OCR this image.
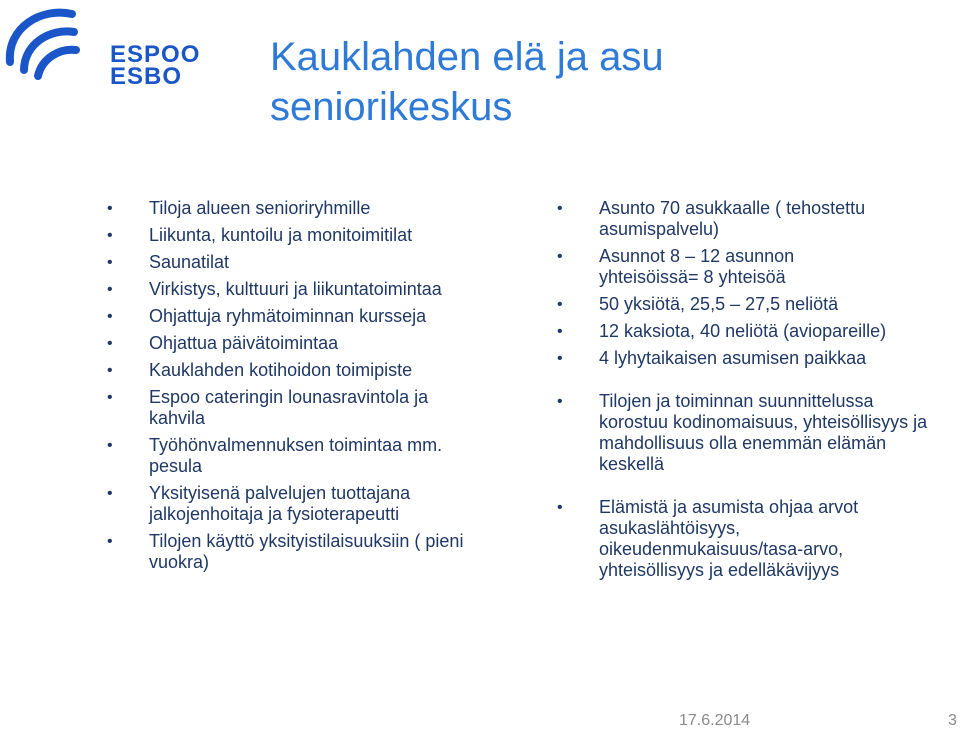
ESPOO
ESBO	Kauklahden elä ja asu
seniorikeskus
• Tiloja alueen senioriryhmille
• Liikunta, kuntoilu ja monitoimitilat
• Saunatilat
• Virkistys, kulttuuri ja liikuntatoimintaa
• Ohjattuja ryhmätoiminnan kursseja
• Ohjattua päivätoimintaa
• Kauklahden kotihoidon toimipiste
• Espoo cateringin lounasravintola ja kahvila
• Työhönvalmennuksen toimintaa mm. pesula
• Yksityisenä palvelujen tuottajana jalkojenhoitaja ja fysioterapeutti
• Tilojen käyttö yksityistilaisuuksiin ( pieni vuokra)
• Asunto 70 asukkaalle ( tehostettu asumispalvelu)
• Asunnot 8 – 12 asunnon yhteisöissä= 8 yhteisöä
• 50 yksiötä, 25,5 – 27,5 neliötä
• 12 kaksiota, 40 neliötä (aviopareille)
• 4 lyhytaikaisen asumisen paikkaa
• Tilojen ja toiminnan suunnittelussa korostuu kodinomaisuus, yhteisöllisyys ja mahdollisuus olla enemmän elämän keskellä
• Elämistä ja asumista ohjaa arvot asukaslähtöisyys, oikeudenmukaisuus/tasa-arvo, yhteisöllisyys ja edelläkävijyys
17.6.2014	3
